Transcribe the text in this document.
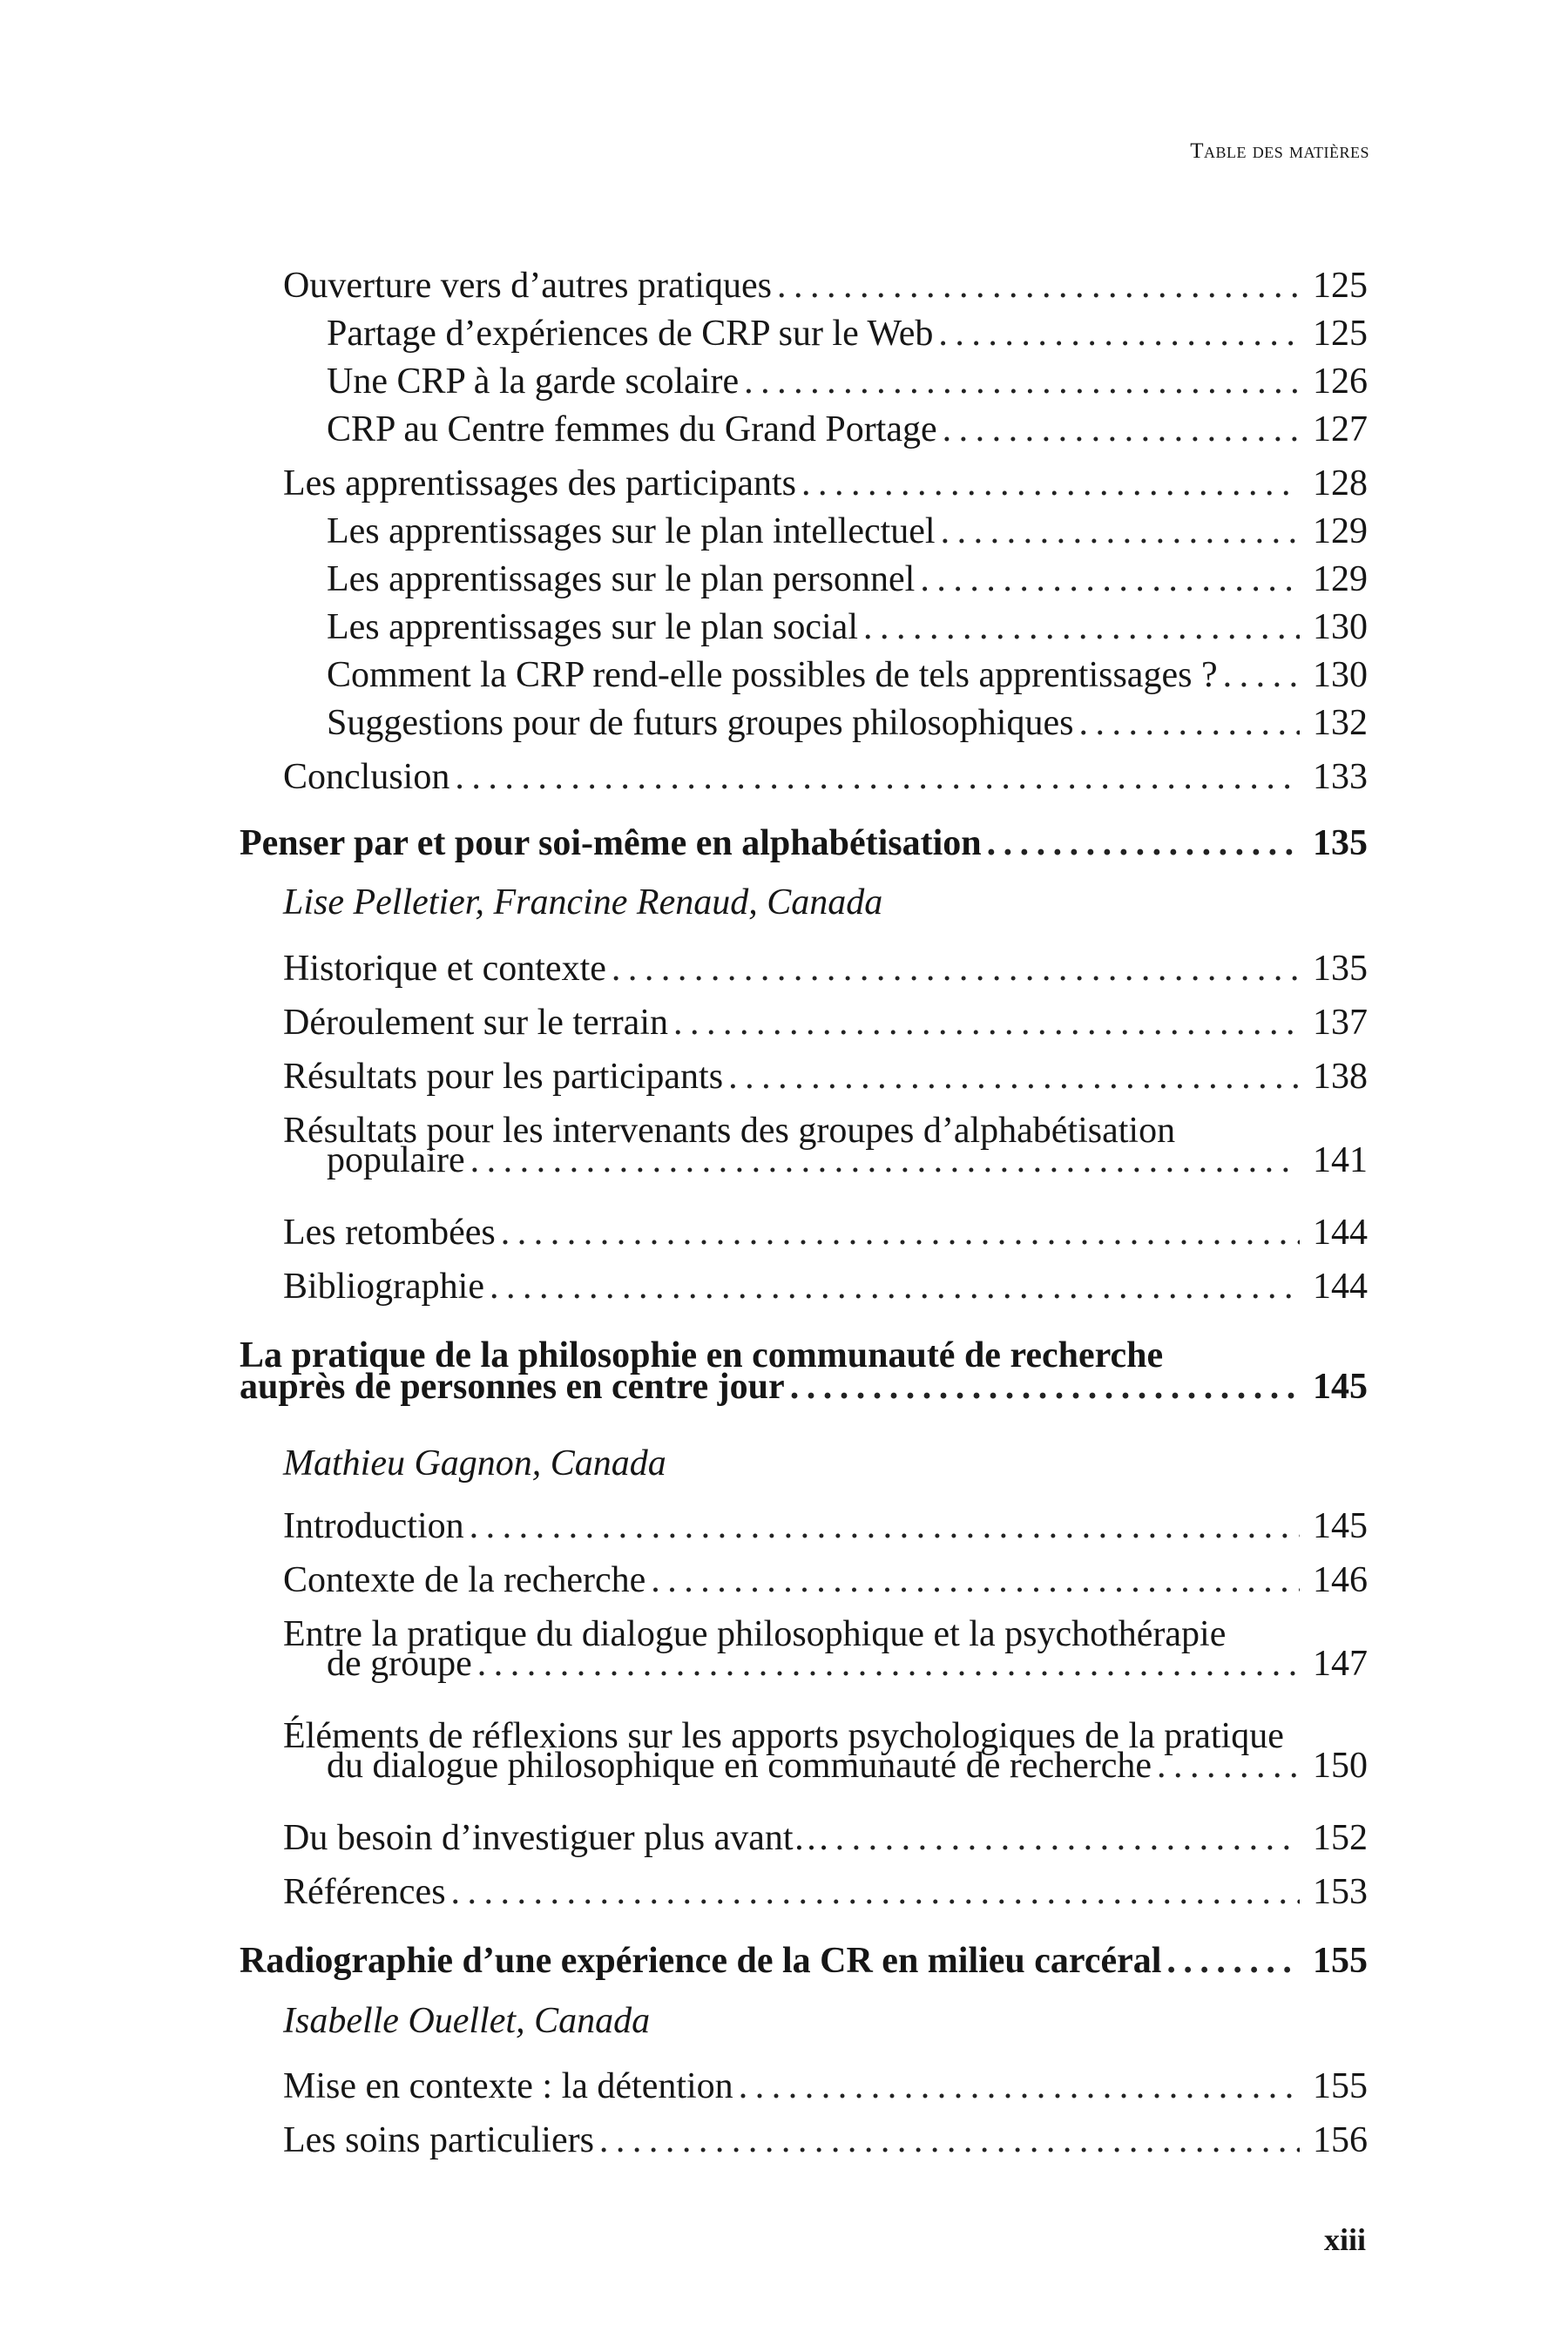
Table des matières
Ouverture vers d’autres pratiques . . .	125
Partage d’expériences de CRP sur le Web . . .	125
Une CRP à la garde scolaire . . .	126
CRP au Centre femmes du Grand Portage . . .	127
Les apprentissages des participants . . .	128
Les apprentissages sur le plan intellectuel . . .	129
Les apprentissages sur le plan personnel . . .	129
Les apprentissages sur le plan social . . .	130
Comment la CRP rend-elle possibles de tels apprentissages ? . . .	130
Suggestions pour de futurs groupes philosophiques . . .	132
Conclusion . . .	133
Penser par et pour soi-même en alphabétisation . . .	135
Lise Pelletier, Francine Renaud, Canada
Historique et contexte . . .	135
Déroulement sur le terrain . . .	137
Résultats pour les participants . . .	138
Résultats pour les intervenants des groupes d’alphabétisation
populaire . . .	141
Les retombées . . .	144
Bibliographie . . .	144
La pratique de la philosophie en communauté de recherche
auprès de personnes en centre jour . . .	145
Mathieu Gagnon, Canada
Introduction . . .	145
Contexte de la recherche . . .	146
Entre la pratique du dialogue philosophique et la psychothérapie
de groupe . . .	147
Éléments de réflexions sur les apports psychologiques de la pratique
du dialogue philosophique en communauté de recherche . . .	150
Du besoin d’investiguer plus avant… . . .	152
Références . . .	153
Radiographie d’une expérience de la CR en milieu carcéral . . .	155
Isabelle Ouellet, Canada
Mise en contexte : la détention . . .	155
Les soins particuliers . . .	156
xiii
